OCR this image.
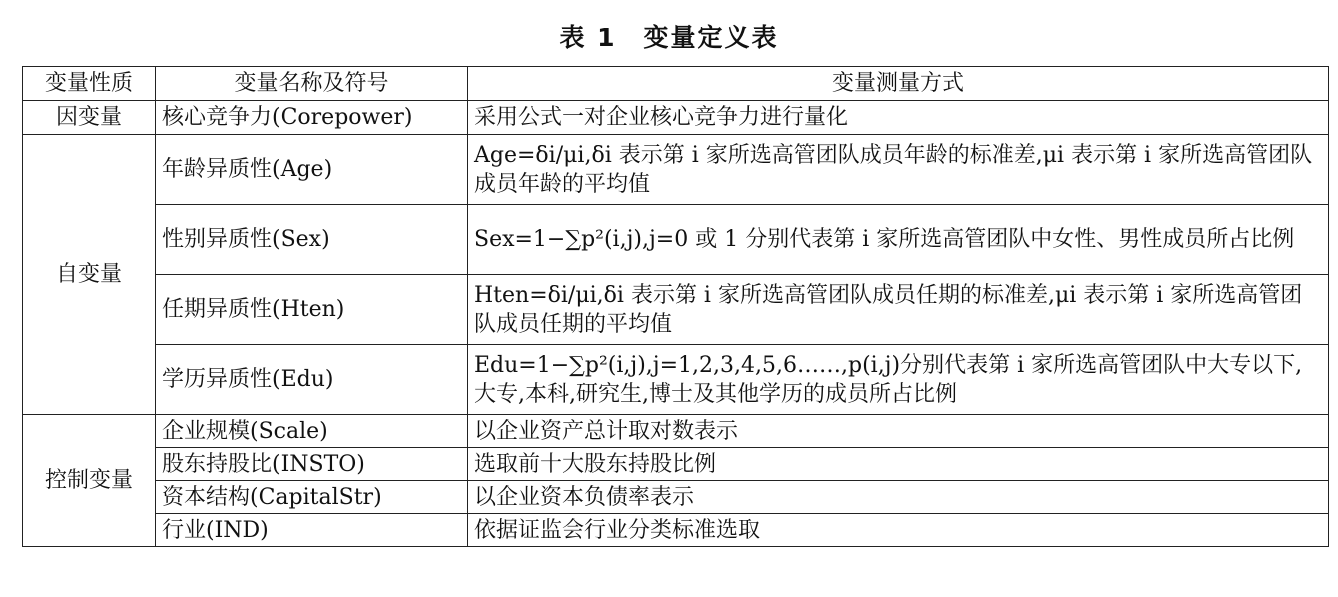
表 1　变量定义表
变量性质	变量名称及符号	变量测量方式
因变量	核心竞争力(Corepower)	采用公式一对企业核心竞争力进行量化
自变量	年龄异质性(Age)	Age=δi/μi,δi 表示第 i 家所选高管团队成员年龄的标准差,μi 表示第 i 家所选高管团队成员年龄的平均值
	性别异质性(Sex)	Sex=1−∑p²(i,j),j=0 或 1 分别代表第 i 家所选高管团队中女性、男性成员所占比例
	任期异质性(Hten)	Hten=δi/μi,δi 表示第 i 家所选高管团队成员任期的标准差,μi 表示第 i 家所选高管团队成员任期的平均值
	学历异质性(Edu)	Edu=1−∑p²(i,j),j=1,2,3,4,5,6……,p(i,j)分别代表第 i 家所选高管团队中大专以下,大专,本科,研究生,博士及其他学历的成员所占比例
控制变量	企业规模(Scale)	以企业资产总计取对数表示
	股东持股比(INSTO)	选取前十大股东持股比例
	资本结构(CapitalStr)	以企业资本负债率表示
	行业(IND)	依据证监会行业分类标准选取
